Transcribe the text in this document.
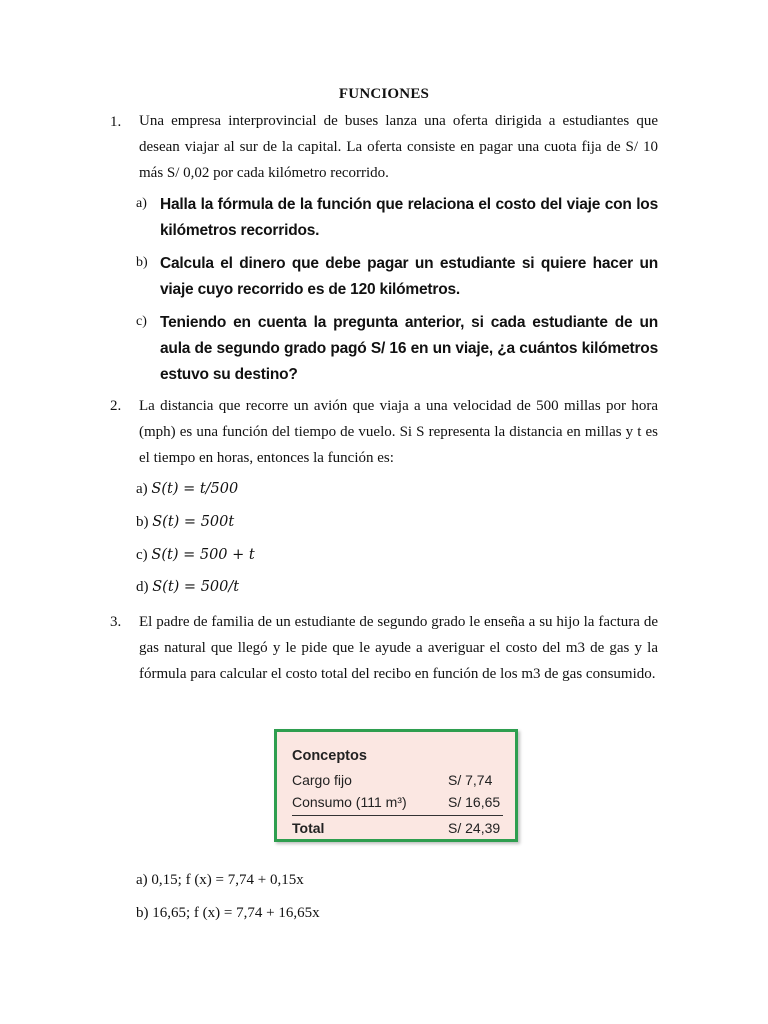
FUNCIONES
1. Una empresa interprovincial de buses lanza una oferta dirigida a estudiantes que desean viajar al sur de la capital. La oferta consiste en pagar una cuota fija de S/ 10 más S/ 0,02 por cada kilómetro recorrido.
a) Halla la fórmula de la función que relaciona el costo del viaje con los kilómetros recorridos.
b) Calcula el dinero que debe pagar un estudiante si quiere hacer un viaje cuyo recorrido es de 120 kilómetros.
c) Teniendo en cuenta la pregunta anterior, si cada estudiante de un aula de segundo grado pagó S/ 16 en un viaje, ¿a cuántos kilómetros estuvo su destino?
2. La distancia que recorre un avión que viaja a una velocidad de 500 millas por hora (mph) es una función del tiempo de vuelo. Si S representa la distancia en millas y t es el tiempo en horas, entonces la función es:
a) S(t) = t/500
b) S(t) = 500t
c) S(t) = 500 + t
d) S(t) = 500/t
3. El padre de familia de un estudiante de segundo grado le enseña a su hijo la factura de gas natural que llegó y le pide que le ayude a averiguar el costo del m3 de gas y la fórmula para calcular el costo total del recibo en función de los m3 de gas consumido.
Conceptos
Cargo fijo	S/ 7,74
Consumo (111 m³)	S/ 16,65
Total	S/ 24,39
a) 0,15; f (x) = 7,74 + 0,15x
b) 16,65; f (x) = 7,74 + 16,65x
